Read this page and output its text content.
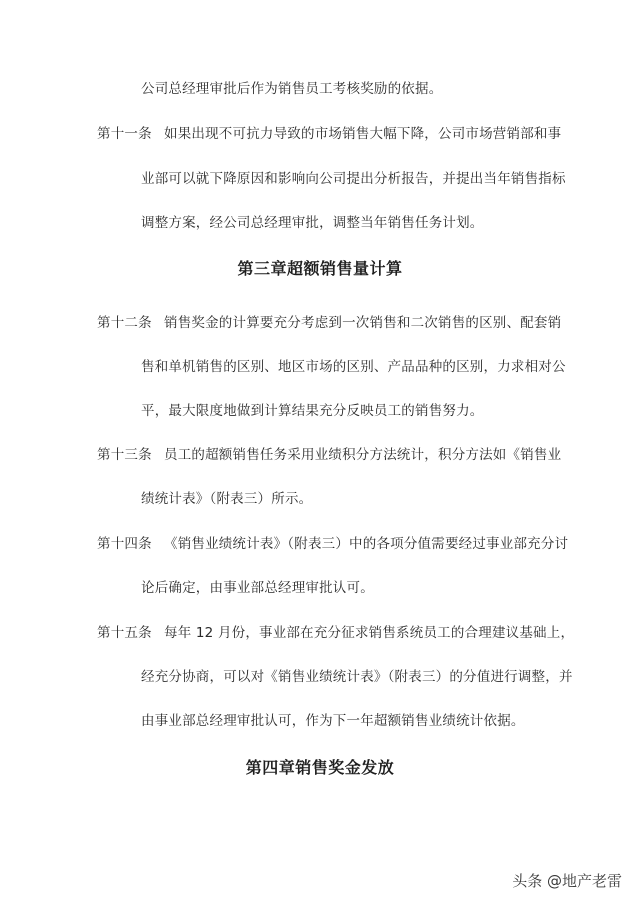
公司总经理审批后作为销售员工考核奖励的依据。
第十一条 如果出现不可抗力导致的市场销售大幅下降，公司市场营销部和事
业部可以就下降原因和影响向公司提出分析报告，并提出当年销售指标
调整方案，经公司总经理审批，调整当年销售任务计划。
第三章超额销售量计算
第十二条 销售奖金的计算要充分考虑到一次销售和二次销售的区别、配套销
售和单机销售的区别、地区市场的区别、产品品种的区别，力求相对公
平，最大限度地做到计算结果充分反映员工的销售努力。
第十三条 员工的超额销售任务采用业绩积分方法统计，积分方法如《销售业
绩统计表》（附表三）所示。
第十四条 《销售业绩统计表》（附表三）中的各项分值需要经过事业部充分讨
论后确定，由事业部总经理审批认可。
第十五条 每年 12 月份，事业部在充分征求销售系统员工的合理建议基础上，
经充分协商，可以对《销售业绩统计表》（附表三）的分值进行调整，并
由事业部总经理审批认可，作为下一年超额销售业绩统计依据。
第四章销售奖金发放
头条 @地产老雷
